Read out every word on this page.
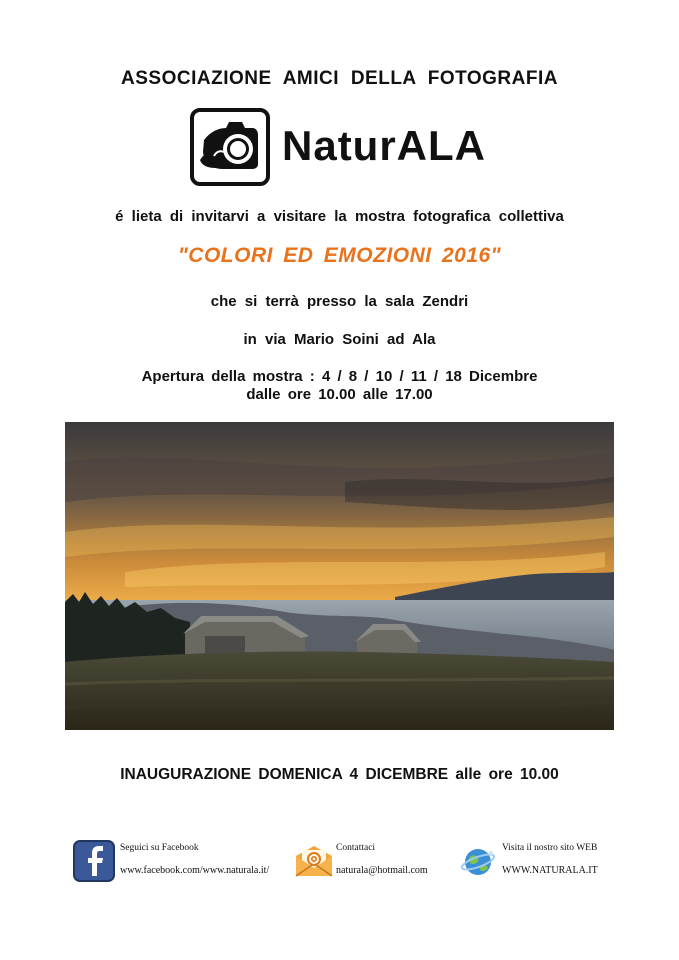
ASSOCIAZIONE AMICI DELLA FOTOGRAFIA
NaturALA
é lieta di invitarvi a visitare la mostra fotografica collettiva
"COLORI ED EMOZIONI 2016"
che si terrà presso la sala Zendri
in via Mario Soini ad Ala
Apertura della mostra : 4 / 8 / 10 / 11 / 18 Dicembre
dalle ore 10.00 alle 17.00
INAUGURAZIONE DOMENICA 4 DICEMBRE alle ore 10.00
Seguici su Facebook
www.facebook.com/www.naturala.it/
Contattaci
naturala@hotmail.com
Visita il nostro sito WEB
WWW.NATURALA.IT
